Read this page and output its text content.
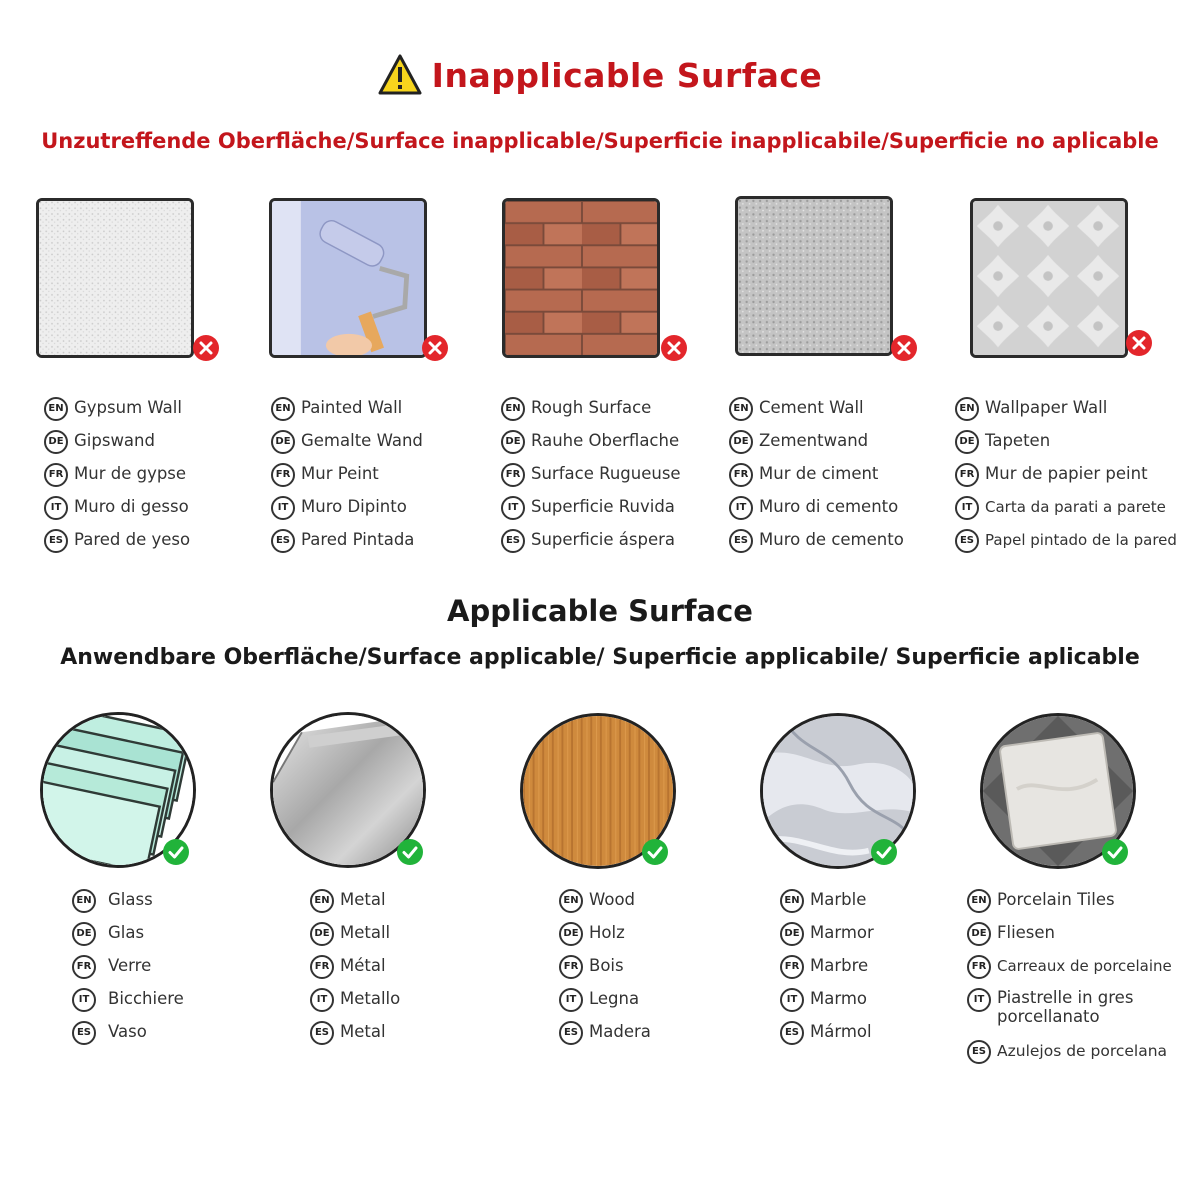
Inapplicable Surface
Unzutreffende Oberfläche/Surface inapplicable/Superficie inapplicabile/Superficie no aplicable
EN Gypsum Wall
DE Gipswand
FR Mur de gypse
IT Muro di gesso
ES Pared de yeso
EN Painted Wall
DE Gemalte Wand
FR Mur Peint
IT Muro Dipinto
ES Pared Pintada
EN Rough Surface
DE Rauhe Oberflache
FR Surface Rugueuse
IT Superficie Ruvida
ES Superficie áspera
EN Cement Wall
DE Zementwand
FR Mur de ciment
IT Muro di cemento
ES Muro de cemento
EN Wallpaper Wall
DE Tapeten
FR Mur de papier peint
IT Carta da parati a parete
ES Papel pintado de la pared
Applicable Surface
Anwendbare Oberfläche/Surface applicable/ Superficie applicabile/ Superficie aplicable
EN Glass
DE Glas
FR Verre
IT	Bicchiere
ES	Vaso
EN Metal
DE Metall
FR Métal
IT Metallo
ES Metal
EN Wood
DE Holz
FR Bois
IT Legna
ES Madera
EN Marble
DE Marmor
FR Marbre
IT Marmo
ES Mármol
EN Porcelain Tiles
DE Fliesen
FR Carreaux de porcelaine
IT Piastrelle in gres porcellanato
ES Azulejos de porcelana
